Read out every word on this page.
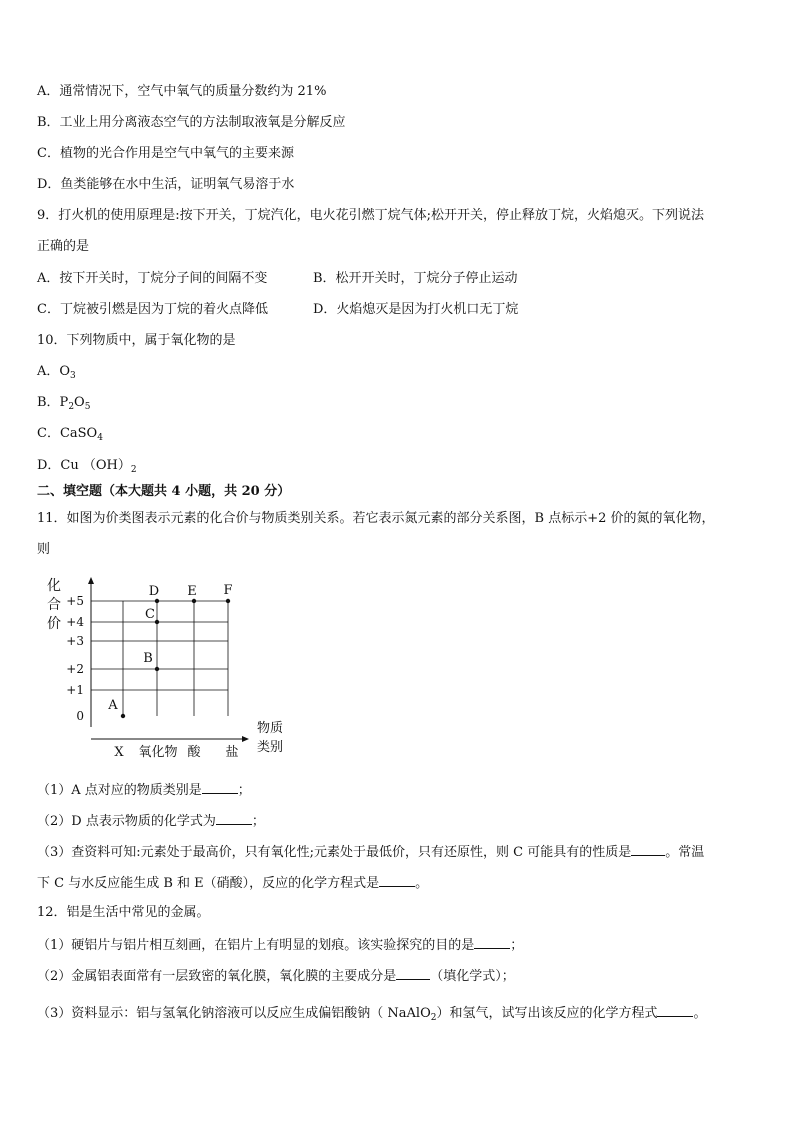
A．通常情况下，空气中氧气的质量分数约为 21%
B．工业上用分离液态空气的方法制取液氧是分解反应
C．植物的光合作用是空气中氧气的主要来源
D．鱼类能够在水中生活，证明氧气易溶于水
9．打火机的使用原理是:按下开关，丁烷汽化，电火花引燃丁烷气体;松开开关，停止释放丁烷，火焰熄灭。下列说法
正确的是
A．按下开关时，丁烷分子间的间隔不变	B．松开开关时，丁烷分子停止运动
C．丁烷被引燃是因为丁烷的着火点降低	D．火焰熄灭是因为打火机口无丁烷
10．下列物质中，属于氧化物的是
A．$O_3$
B．$P_2O_5$
C．CaSO$_4$
D．Cu $(OH)_2$
二、填空题（本大题共 4 小题，共 20 分）
11．如图为价类图表示元素的化合价与物质类别关系。若它表示氮元素的部分关系图，B 点标示+2 价的氮的氧化物，
则
化
合
价
0
+1
+2
+3
+4
+5
X 氧化物 酸 盐
A
B
C
D E F
物质
类别
（1）A 点对应的物质类别是	；
（2）D 点表示物质的化学式为	；
（3）查资料可知:元素处于最高价，只有氧化性;元素处于最低价，只有还原性，则 C 可能具有的性质是	。常温
下 C 与水反应能生成 B 和 E（硝酸），反应的化学方程式是	。
12．铝是生活中常见的金属。
（1）硬铝片与铝片相互刻画，在铝片上有明显的划痕。该实验探究的目的是	；
（2）金属铝表面常有一层致密的氧化膜，氧化膜的主要成分是	（填化学式）；
（3）资料显示：铝与氢氧化钠溶液可以反应生成偏铝酸钠（ NaAlO$_2$）和氢气，试写出该反应的化学方程式	。
